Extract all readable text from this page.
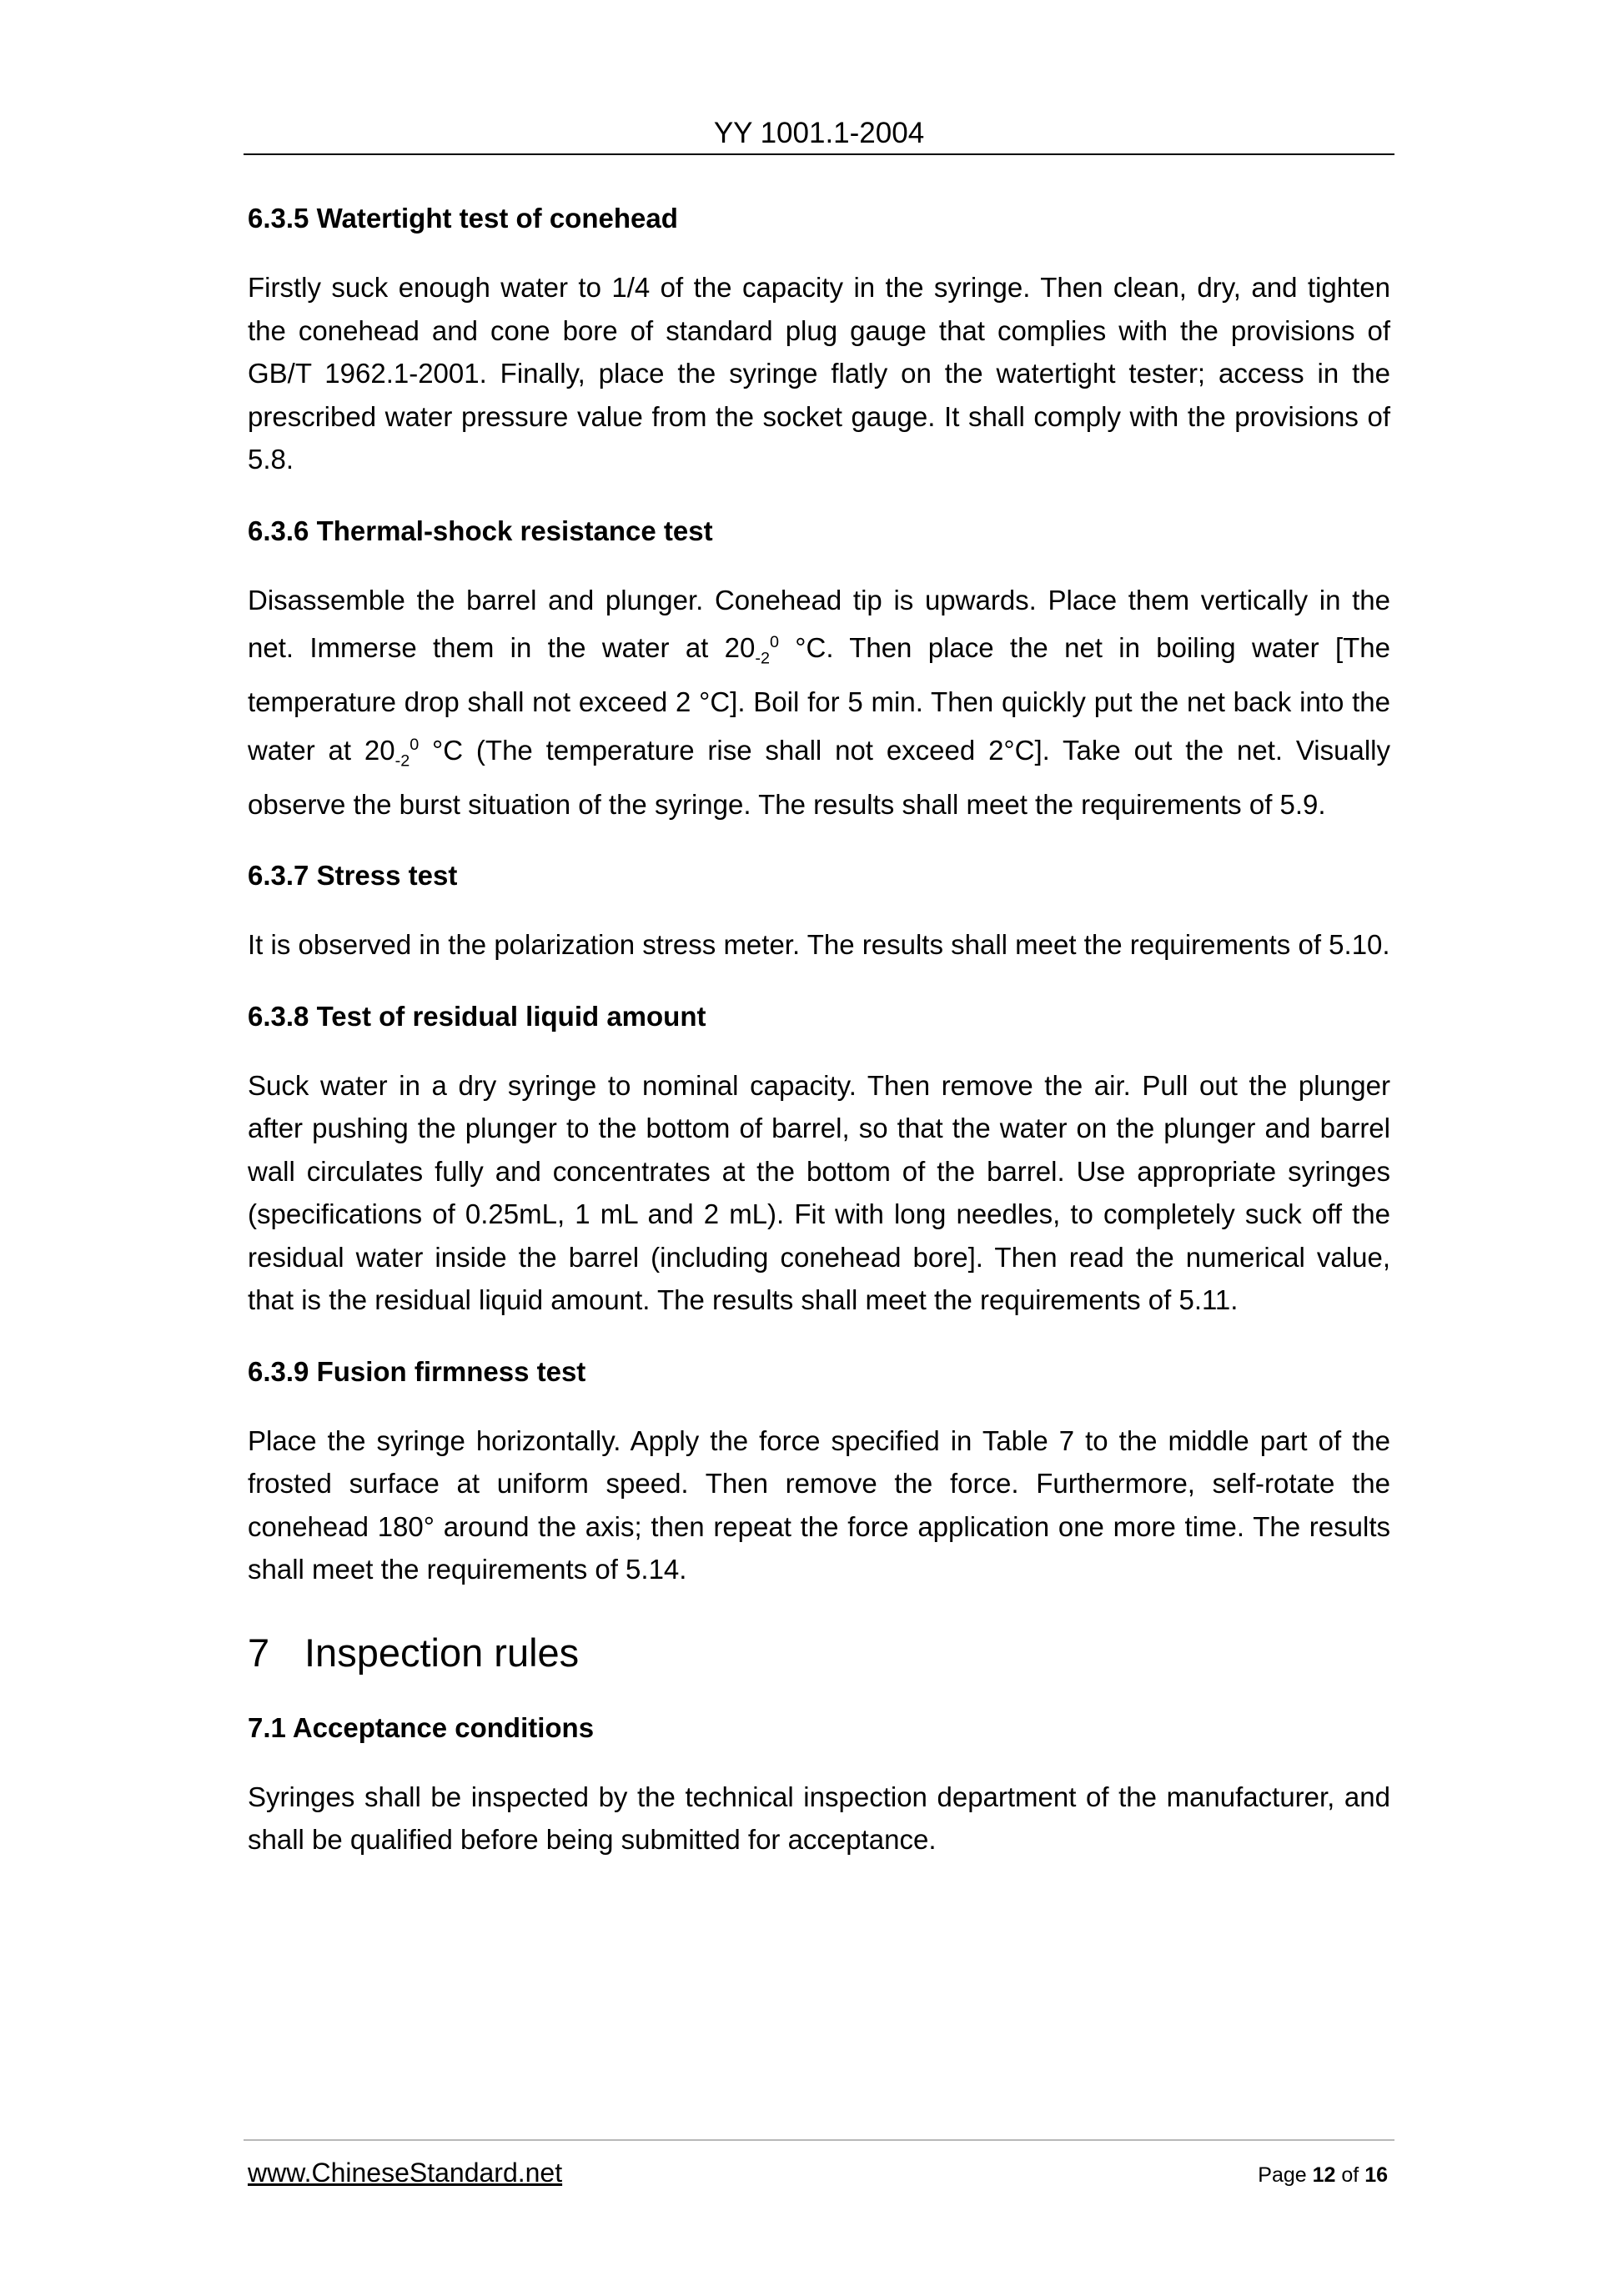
YY 1001.1-2004
6.3.5 Watertight test of conehead

Firstly suck enough water to 1/4 of the capacity in the syringe. Then clean, dry, and tighten the conehead and cone bore of standard plug gauge that complies with the provisions of GB/T 1962.1-2001. Finally, place the syringe flatly on the watertight tester; access in the prescribed water pressure value from the socket gauge. It shall comply with the provisions of 5.8.

6.3.6 Thermal-shock resistance test

Disassemble the barrel and plunger. Conehead tip is upwards. Place them vertically in the net. Immerse them in the water at $20_{-2}^0$ °C. Then place the net in boiling water [The temperature drop shall not exceed 2 °C]. Boil for 5 min. Then quickly put the net back into the water at $20_{-2}^0$ °C (The temperature rise shall not exceed 2°C]. Take out the net. Visually observe the burst situation of the syringe. The results shall meet the requirements of 5.9.

6.3.7 Stress test

It is observed in the polarization stress meter. The results shall meet the requirements of 5.10.

6.3.8 Test of residual liquid amount

Suck water in a dry syringe to nominal capacity. Then remove the air. Pull out the plunger after pushing the plunger to the bottom of barrel, so that the water on the plunger and barrel wall circulates fully and concentrates at the bottom of the barrel. Use appropriate syringes (specifications of 0.25mL, 1 mL and 2 mL). Fit with long needles, to completely suck off the residual water inside the barrel (including conehead bore]. Then read the numerical value, that is the residual liquid amount. The results shall meet the requirements of 5.11.

6.3.9 Fusion firmness test

Place the syringe horizontally. Apply the force specified in Table 7 to the middle part of the frosted surface at uniform speed. Then remove the force. Furthermore, self-rotate the conehead 180° around the axis; then repeat the force application one more time. The results shall meet the requirements of 5.14.

7 Inspection rules
7.1 Acceptance conditions

Syringes shall be inspected by the technical inspection department of the manufacturer, and shall be qualified before being submitted for acceptance.

www.ChineseStandard.net	Page 12 of 16
